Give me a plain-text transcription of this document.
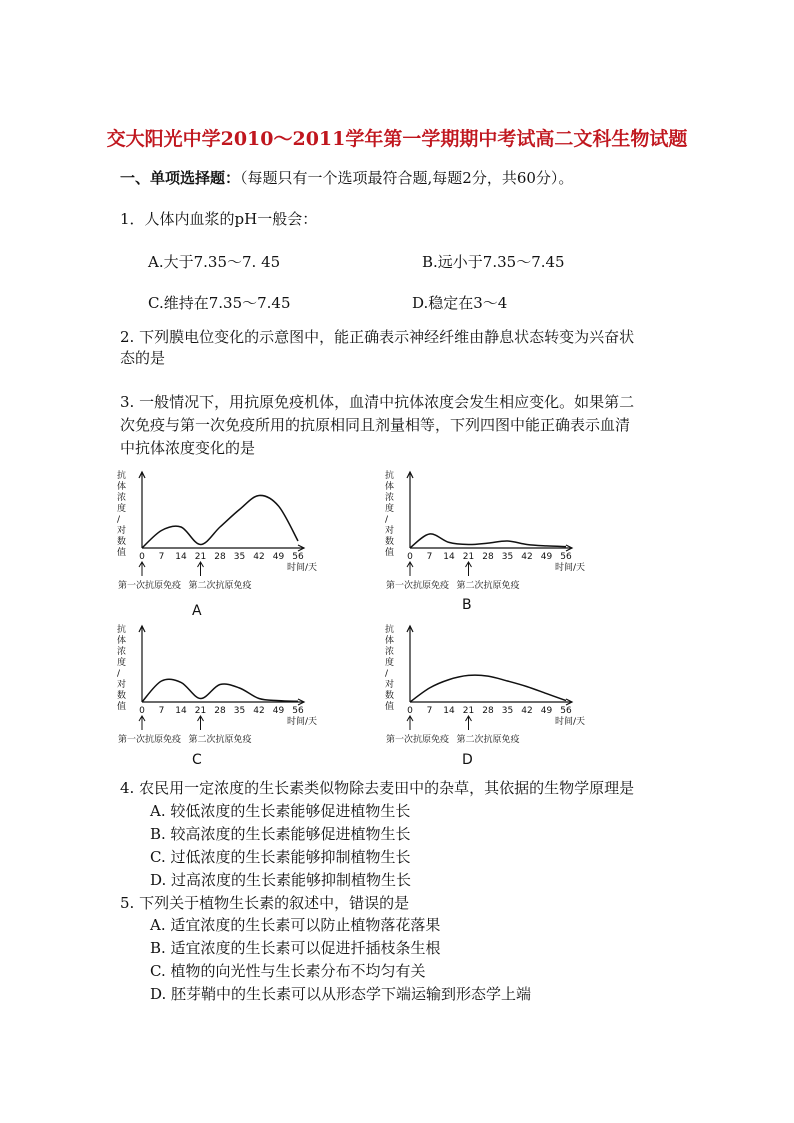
交大阳光中学2010～2011学年第一学期期中考试高二文科生物试题
一、单项选择题：（每题只有一个选项最符合题,每题2分，共60分）。
1．人体内血浆的pH一般会：
A.大于7.35～7. 45	B.远小于7.35～7.45
C.维持在7.35～7.45	D.稳定在3～4
2. 下列膜电位变化的示意图中，能正确表示神经纤维由静息状态转变为兴奋状
态的是
3. 一般情况下，用抗原免疫机体，血清中抗体浓度会发生相应变化。如果第二
次免疫与第一次免疫所用的抗原相同且剂量相等，下列四图中能正确表示血清
中抗体浓度变化的是
抗
体
浓
度
/
对
数
值 0 7 14 21 28 35 42 49 56
时间/天
第一次抗原免疫 第二次抗原免疫
A
抗
体
浓
度
/
对
数
值 0 7 14 21 28 35 42 49 56
时间/天
第一次抗原免疫 第二次抗原免疫
B
抗
体
浓
度
/
对
数
值 0 7 14 21 28 35 42 49 56
时间/天
第一次抗原免疫 第二次抗原免疫
C
抗
体
浓
度
/
对
数
值 0 7 14 21 28 35 42 49 56
时间/天
第一次抗原免疫 第二次抗原免疫
D
4. 农民用一定浓度的生长素类似物除去麦田中的杂草，其依据的生物学原理是
A. 较低浓度的生长素能够促进植物生长
B. 较高浓度的生长素能够促进植物生长
C. 过低浓度的生长素能够抑制植物生长
D. 过高浓度的生长素能够抑制植物生长
5. 下列关于植物生长素的叙述中，错误的是
A. 适宜浓度的生长素可以防止植物落花落果
B. 适宜浓度的生长素可以促进扦插枝条生根
C. 植物的向光性与生长素分布不均匀有关
D. 胚芽鞘中的生长素可以从形态学下端运输到形态学上端
